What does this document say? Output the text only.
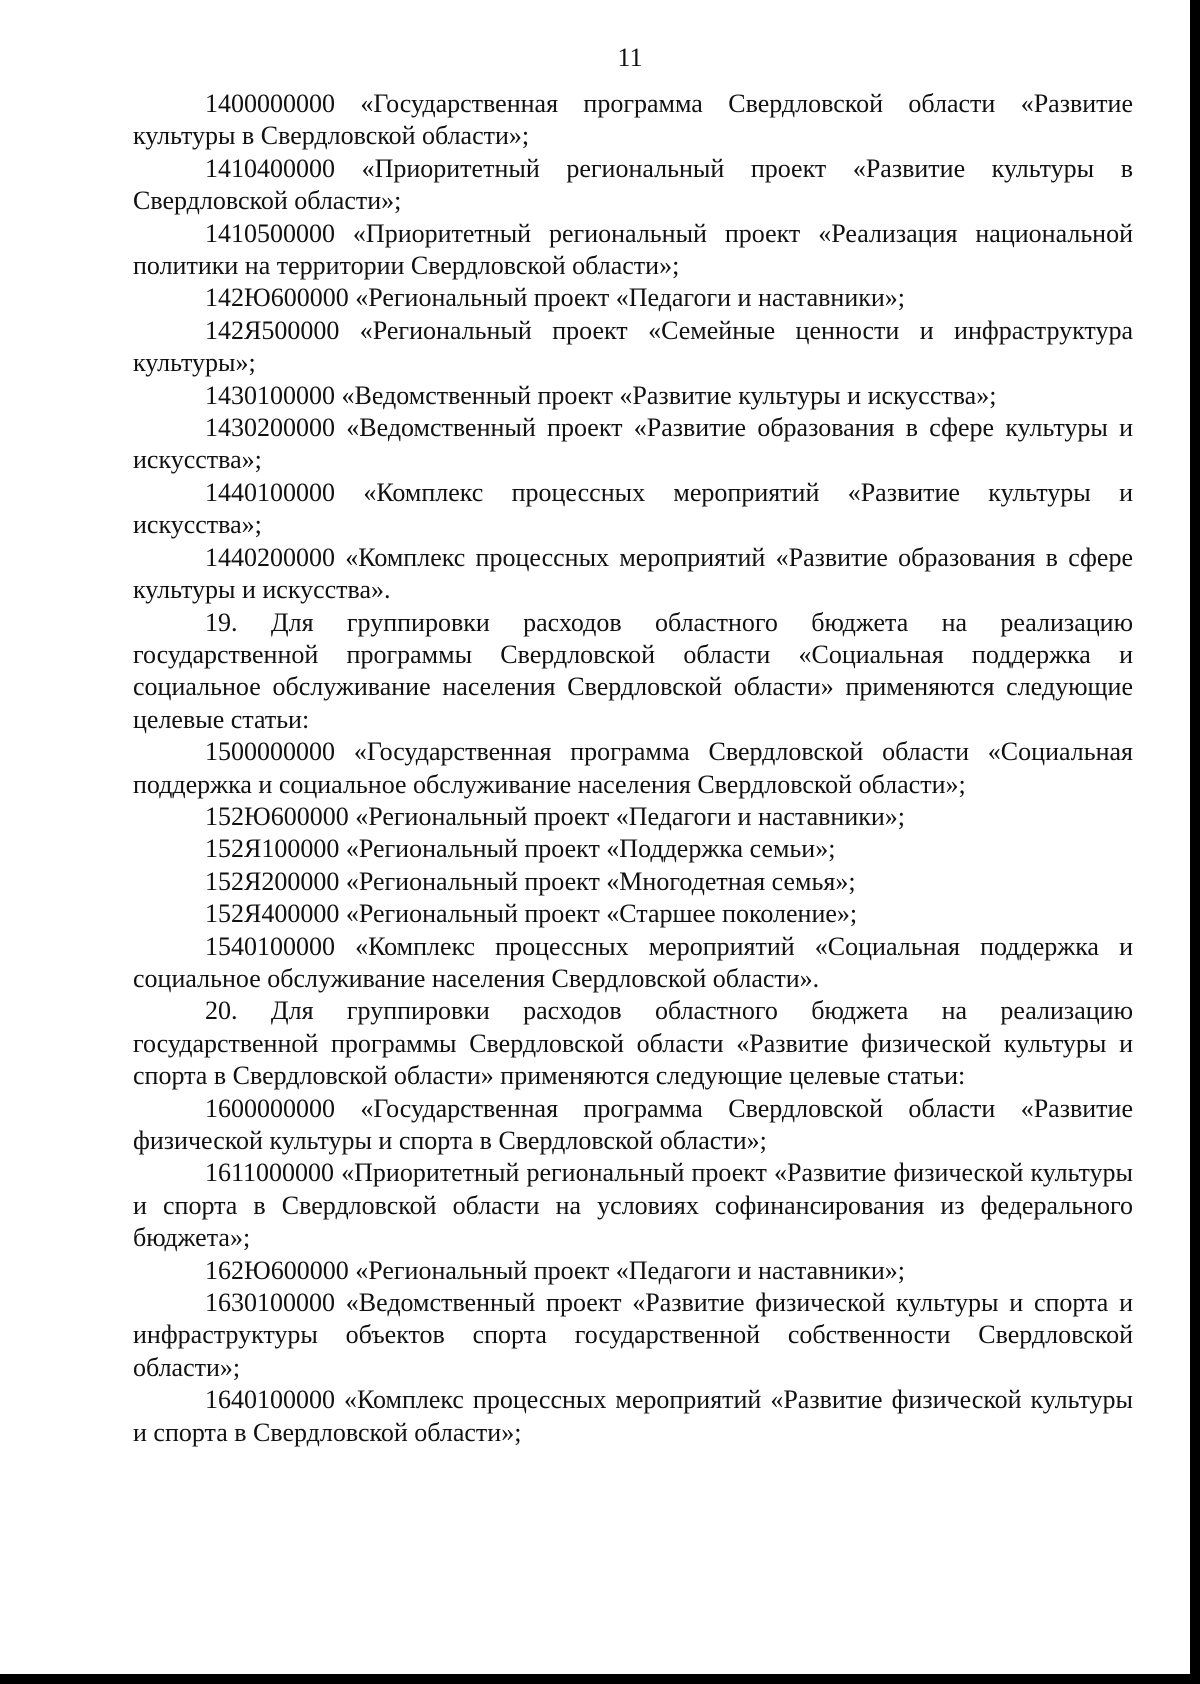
11

1400000000 «Государственная программа Свердловской области «Развитие культуры в Свердловской области»;

1410400000 «Приоритетный региональный проект «Развитие культуры в Свердловской области»;

1410500000 «Приоритетный региональный проект «Реализация национальной политики на территории Свердловской области»;

142Ю600000 «Региональный проект «Педагоги и наставники»;

142Я500000 «Региональный проект «Семейные ценности и инфраструктура культуры»;

1430100000 «Ведомственный проект «Развитие культуры и искусства»;

1430200000 «Ведомственный проект «Развитие образования в сфере культуры и искусства»;

1440100000 «Комплекс процессных мероприятий «Развитие культуры и искусства»;

1440200000 «Комплекс процессных мероприятий «Развитие образования в сфере культуры и искусства».

19. Для группировки расходов областного бюджета на реализацию государственной программы Свердловской области «Социальная поддержка и социальное обслуживание населения Свердловской области» применяются следующие целевые статьи:

1500000000 «Государственная программа Свердловской области «Социальная поддержка и социальное обслуживание населения Свердловской области»;

152Ю600000 «Региональный проект «Педагоги и наставники»;

152Я100000 «Региональный проект «Поддержка семьи»;

152Я200000 «Региональный проект «Многодетная семья»;

152Я400000 «Региональный проект «Старшее поколение»;

1540100000 «Комплекс процессных мероприятий «Социальная поддержка и социальное обслуживание населения Свердловской области».

20. Для группировки расходов областного бюджета на реализацию государственной программы Свердловской области «Развитие физической культуры и спорта в Свердловской области» применяются следующие целевые статьи:

1600000000 «Государственная программа Свердловской области «Развитие физической культуры и спорта в Свердловской области»;

1611000000 «Приоритетный региональный проект «Развитие физической культуры и спорта в Свердловской области на условиях софинансирования из федерального бюджета»;

162Ю600000 «Региональный проект «Педагоги и наставники»;

1630100000 «Ведомственный проект «Развитие физической культуры и спорта и инфраструктуры объектов спорта государственной собственности Свердловской области»;

1640100000 «Комплекс процессных мероприятий «Развитие физической культуры и спорта в Свердловской области»;
